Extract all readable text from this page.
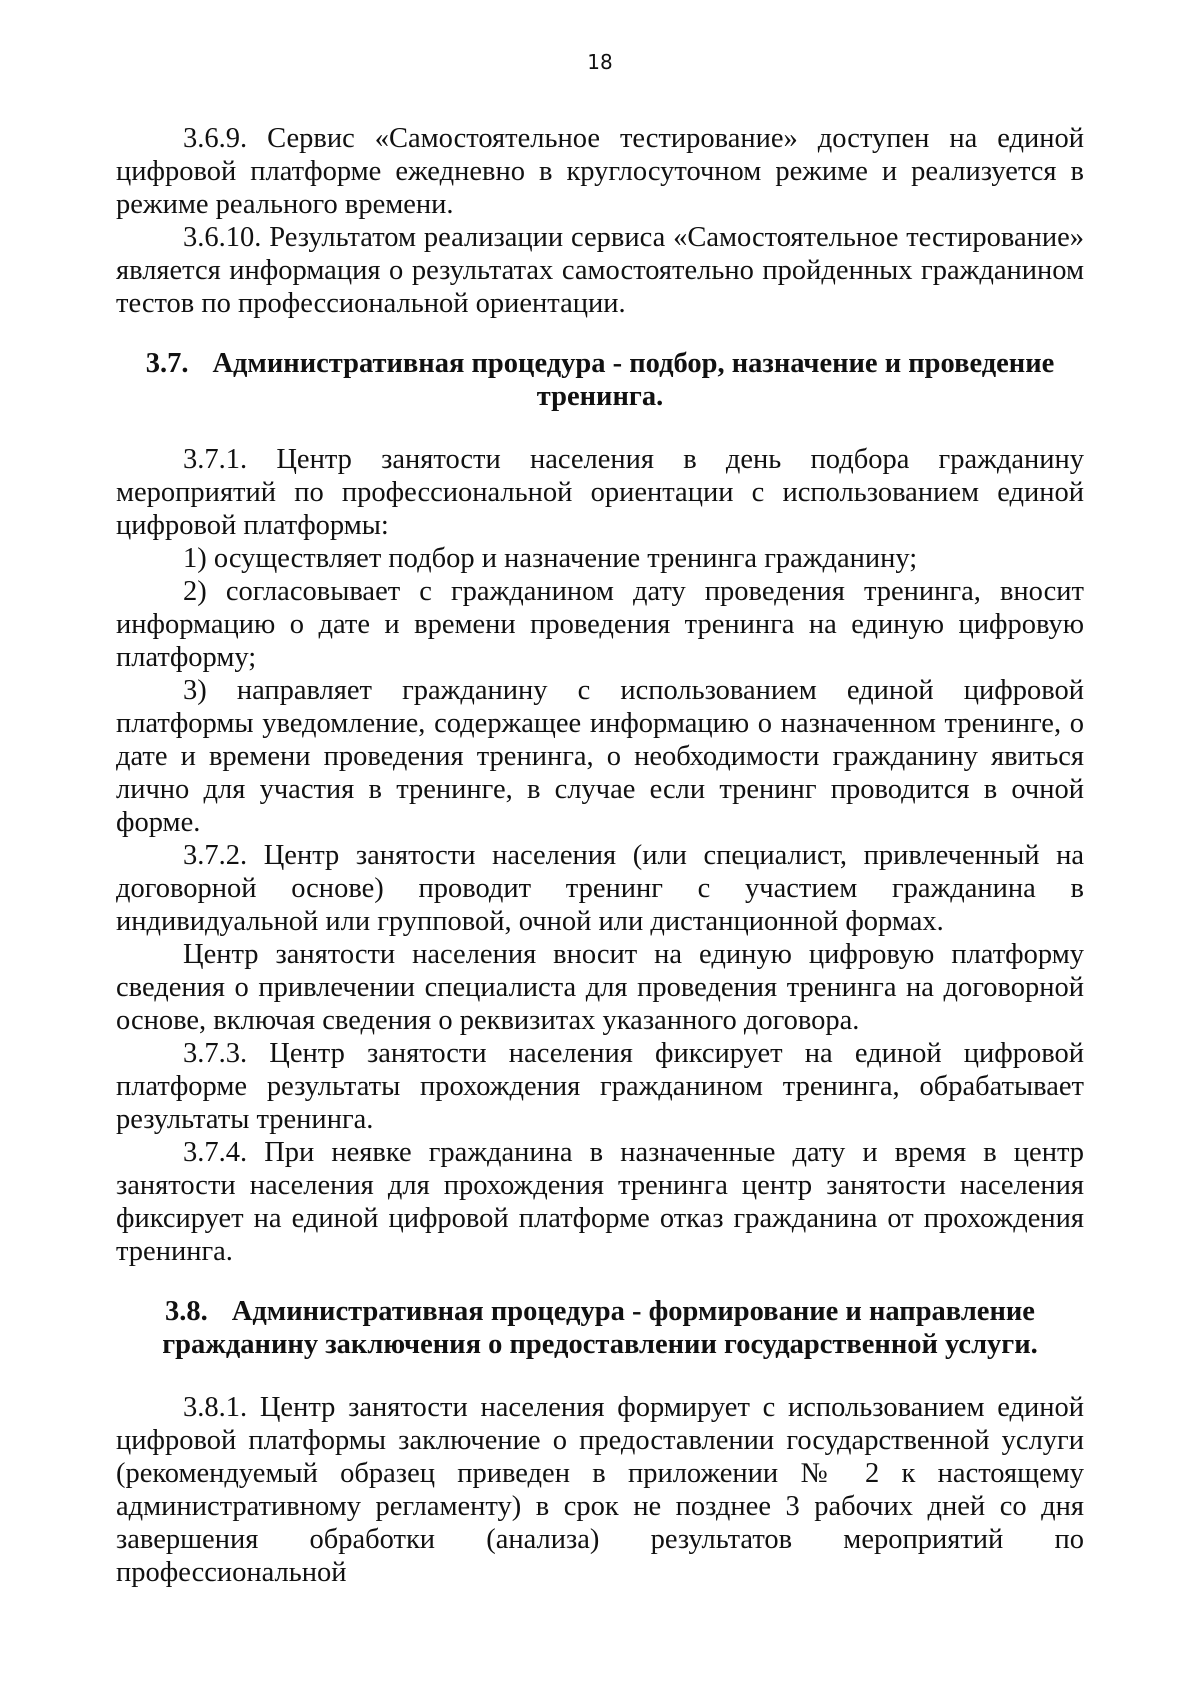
18

3.6.9. Сервис «Самостоятельное тестирование» доступен на единой цифровой платформе ежедневно в круглосуточном режиме и реализуется в режиме реального времени.

3.6.10. Результатом реализации сервиса «Самостоятельное тестирование» является информация о результатах самостоятельно пройденных гражданином тестов по профессиональной ориентации.

3.7. Административная процедура - подбор, назначение и проведение тренинга.

3.7.1. Центр занятости населения в день подбора гражданину мероприятий по профессиональной ориентации с использованием единой цифровой платформы:

1) осуществляет подбор и назначение тренинга гражданину;

2) согласовывает с гражданином дату проведения тренинга, вносит информацию о дате и времени проведения тренинга на единую цифровую платформу;

3) направляет гражданину с использованием единой цифровой платформы уведомление, содержащее информацию о назначенном тренинге, о дате и времени проведения тренинга, о необходимости гражданину явиться лично для участия в тренинге, в случае если тренинг проводится в очной форме.

3.7.2. Центр занятости населения (или специалист, привлеченный на договорной основе) проводит тренинг с участием гражданина в индивидуальной или групповой, очной или дистанционной формах.

Центр занятости населения вносит на единую цифровую платформу сведения о привлечении специалиста для проведения тренинга на договорной основе, включая сведения о реквизитах указанного договора.

3.7.3. Центр занятости населения фиксирует на единой цифровой платформе результаты прохождения гражданином тренинга, обрабатывает результаты тренинга.

3.7.4. При неявке гражданина в назначенные дату и время в центр занятости населения для прохождения тренинга центр занятости населения фиксирует на единой цифровой платформе отказ гражданина от прохождения тренинга.

3.8. Административная процедура - формирование и направление гражданину заключения о предоставлении государственной услуги.

3.8.1. Центр занятости населения формирует с использованием единой цифровой платформы заключение о предоставлении государственной услуги (рекомендуемый образец приведен в приложении № 2 к настоящему административному регламенту) в срок не позднее 3 рабочих дней со дня завершения обработки (анализа) результатов мероприятий по профессиональной
